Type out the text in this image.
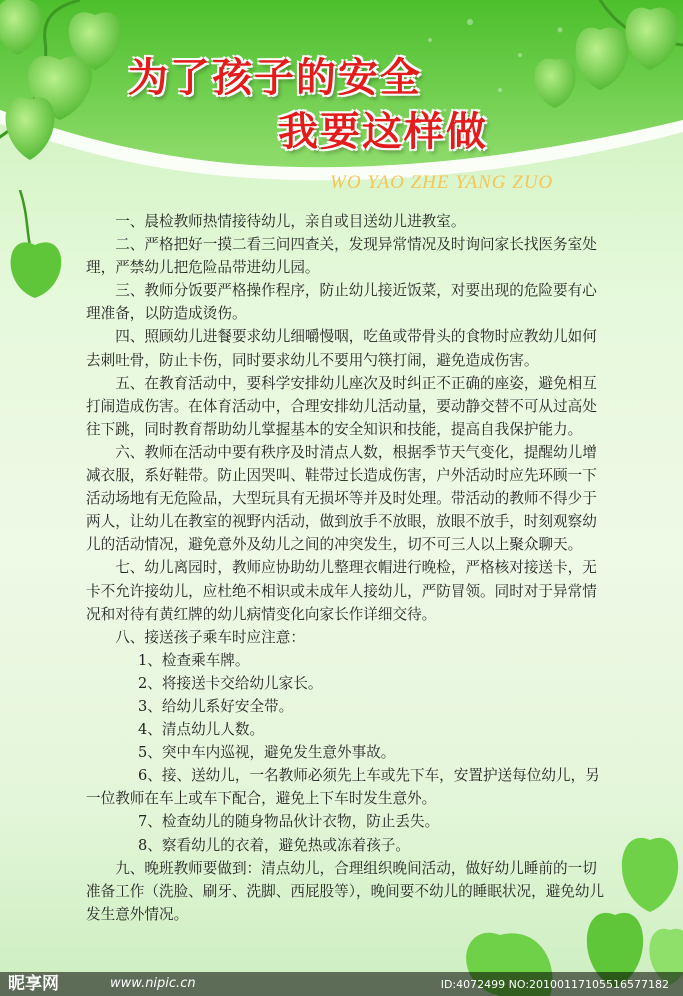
为了孩子的安全
我要这样做
WO YAO ZHE YANG ZUO

一、晨检教师热情接待幼儿，亲自或目送幼儿进教室。

二、严格把好一摸二看三问四查关，发现异常情况及时询问家长找医务室处理，严禁幼儿把危险品带进幼儿园。

三、教师分饭要严格操作程序，防止幼儿接近饭菜，对要出现的危险要有心理准备，以防造成烫伤。

四、照顾幼儿进餐要求幼儿细嚼慢咽，吃鱼或带骨头的食物时应教幼儿如何去刺吐骨，防止卡伤，同时要求幼儿不要用勺筷打闹，避免造成伤害。

五、在教育活动中，要科学安排幼儿座次及时纠正不正确的座姿，避免相互打闹造成伤害。在体育活动中，合理安排幼儿活动量，要动静交替不可从过高处往下跳，同时教育帮助幼儿掌握基本的安全知识和技能，提高自我保护能力。

六、教师在活动中要有秩序及时清点人数，根据季节天气变化，提醒幼儿增减衣服，系好鞋带。防止因哭叫、鞋带过长造成伤害，户外活动时应先环顾一下活动场地有无危险品，大型玩具有无损坏等并及时处理。带活动的教师不得少于两人，让幼儿在教室的视野内活动，做到放手不放眼，放眼不放手，时刻观察幼儿的活动情况，避免意外及幼儿之间的冲突发生，切不可三人以上聚众聊天。

七、幼儿离园时，教师应协助幼儿整理衣帽进行晚检，严格核对接送卡，无卡不允许接幼儿，应杜绝不相识或未成年人接幼儿，严防冒领。同时对于异常情况和对待有黄红牌的幼儿病情变化向家长作详细交待。

八、接送孩子乘车时应注意：

1、检查乘车牌。

2、将接送卡交给幼儿家长。

3、给幼儿系好安全带。

4、清点幼儿人数。

5、突中车内巡视，避免发生意外事故。

6、接、送幼儿，一名教师必须先上车或先下车，安置护送每位幼儿，另一位教师在车上或车下配合，避免上下车时发生意外。

7、检查幼儿的随身物品伙计衣物，防止丢失。

8、察看幼儿的衣着，避免热或冻着孩子。

九、晚班教师要做到：清点幼儿，合理组织晚间活动，做好幼儿睡前的一切准备工作（洗脸、刷牙、洗脚、西屁股等），晚间要不幼儿的睡眠状况，避免幼儿发生意外情况。

昵享网	www.nipic.cn	ID:4072499 NO:20100117105516577182
